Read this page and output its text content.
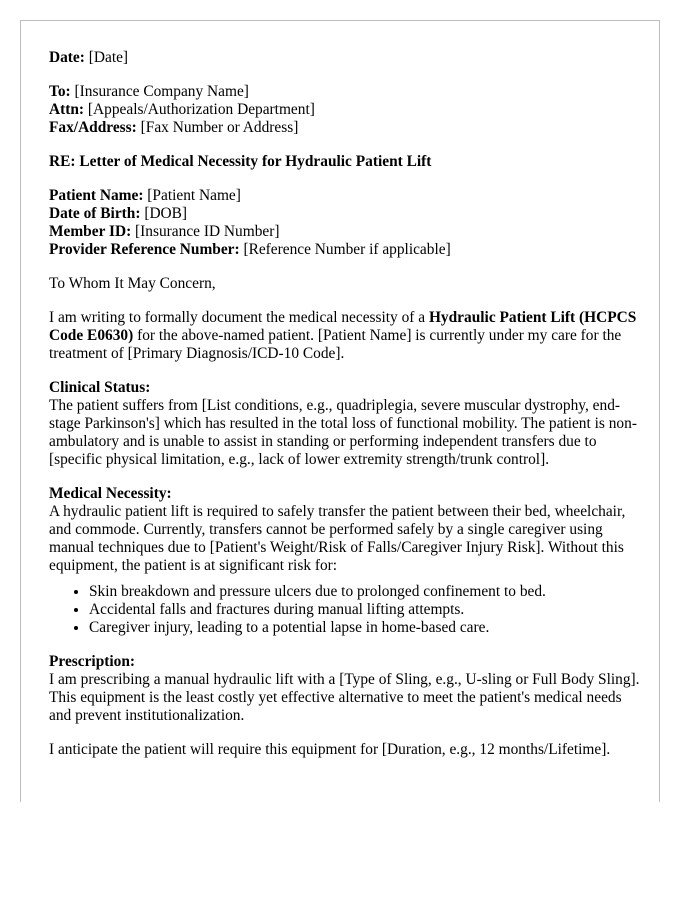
Date: [Date]

To: [Insurance Company Name]
Attn: [Appeals/Authorization Department]
Fax/Address: [Fax Number or Address]

RE: Letter of Medical Necessity for Hydraulic Patient Lift

Patient Name: [Patient Name]
Date of Birth: [DOB]
Member ID: [Insurance ID Number]
Provider Reference Number: [Reference Number if applicable]

To Whom It May Concern,

I am writing to formally document the medical necessity of a Hydraulic Patient Lift (HCPCS Code E0630) for the above-named patient. [Patient Name] is currently under my care for the treatment of [Primary Diagnosis/ICD-10 Code].

Clinical Status:
The patient suffers from [List conditions, e.g., quadriplegia, severe muscular dystrophy, end-stage Parkinson's] which has resulted in the total loss of functional mobility. The patient is non-ambulatory and is unable to assist in standing or performing independent transfers due to [specific physical limitation, e.g., lack of lower extremity strength/trunk control].

Medical Necessity:
A hydraulic patient lift is required to safely transfer the patient between their bed, wheelchair, and commode. Currently, transfers cannot be performed safely by a single caregiver using manual techniques due to [Patient's Weight/Risk of Falls/Caregiver Injury Risk]. Without this equipment, the patient is at significant risk for:

• Skin breakdown and pressure ulcers due to prolonged confinement to bed.
• Accidental falls and fractures during manual lifting attempts.
• Caregiver injury, leading to a potential lapse in home-based care.

Prescription:
I am prescribing a manual hydraulic lift with a [Type of Sling, e.g., U-sling or Full Body Sling]. This equipment is the least costly yet effective alternative to meet the patient's medical needs and prevent institutionalization.

I anticipate the patient will require this equipment for [Duration, e.g., 12 months/Lifetime].
